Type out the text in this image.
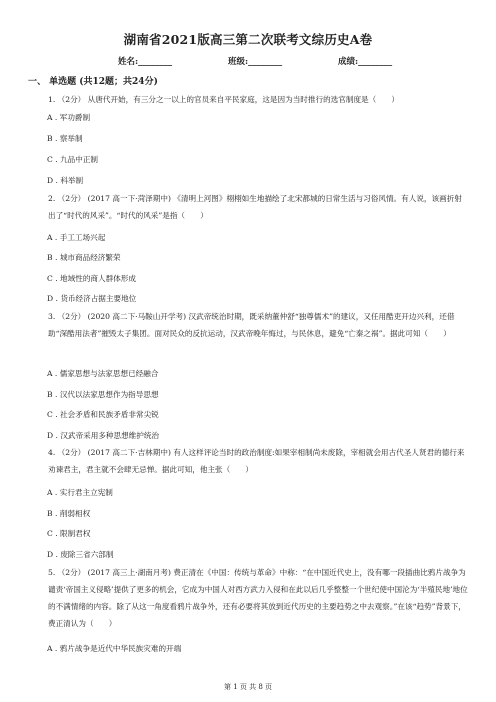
湖南省2021版高三第二次联考文综历史A卷
姓名:________	班级:________	成绩:________
一、 单选题 (共12题；共24分)
1. （2分） 从唐代开始，有三分之一以上的官员来自平民家庭，这是因为当时推行的选官制度是（　　）
A . 军功爵制
B . 察举制
C . 九品中正制
D . 科举制
2. （2分） (2017 高一下·菏泽期中) 《清明上河图》栩栩如生地描绘了北宋都城的日常生活与习俗风情。有人说，该画折射出了“时代的风采”。“时代的风采”是指（　　）
A . 手工工场兴起
B . 城市商品经济繁荣
C . 地域性的商人群体形成
D . 货币经济占据主要地位
3. （2分） (2020 高二下·马鞍山开学考) 汉武帝统治时期，既采纳董仲舒“独尊儒术”的建议，又任用酷吏开边兴利，还借助“深酷用法者”摧毁太子集团。面对民众的反抗运动，汉武帝晚年悔过，与民休息，避免“亡秦之祸”。据此可知（　　）
A . 儒家思想与法家思想已经融合
B . 汉代以法家思想作为指导思想
C . 社会矛盾和民族矛盾非常尖锐
D . 汉武帝采用多种思想维护统治
4. （2分） (2017 高二下·吉林期中) 有人这样评论当时的政治制度:如果宰相制尚未废除，宰相就会用古代圣人贤君的德行来劝谏君主，君主就不会肆无忌惮。据此可知，他主张（　　）
A . 实行君主立宪制
B . 削弱相权
C . 限制君权
D . 废除三省六部制
5. （2分） (2017 高三上·湖南月考) 费正清在《中国：传统与革命》中称：“在中国近代史上，没有哪一段插曲比鸦片战争为谴责‘帝国主义侵略’提供了更多的机会，它成为中国人对西方武力入侵和在此以后几乎整整一个世纪使中国沦为‘半殖民地’地位的不满情绪的内容。除了从这一角度看鸦片战争外，还有必要将其放到近代历史的主要趋势之中去观察。”在该“趋势”背景下，费正清认为（　　）
A . 鸦片战争是近代中华民族灾难的开端
第 1 页 共 8 页
